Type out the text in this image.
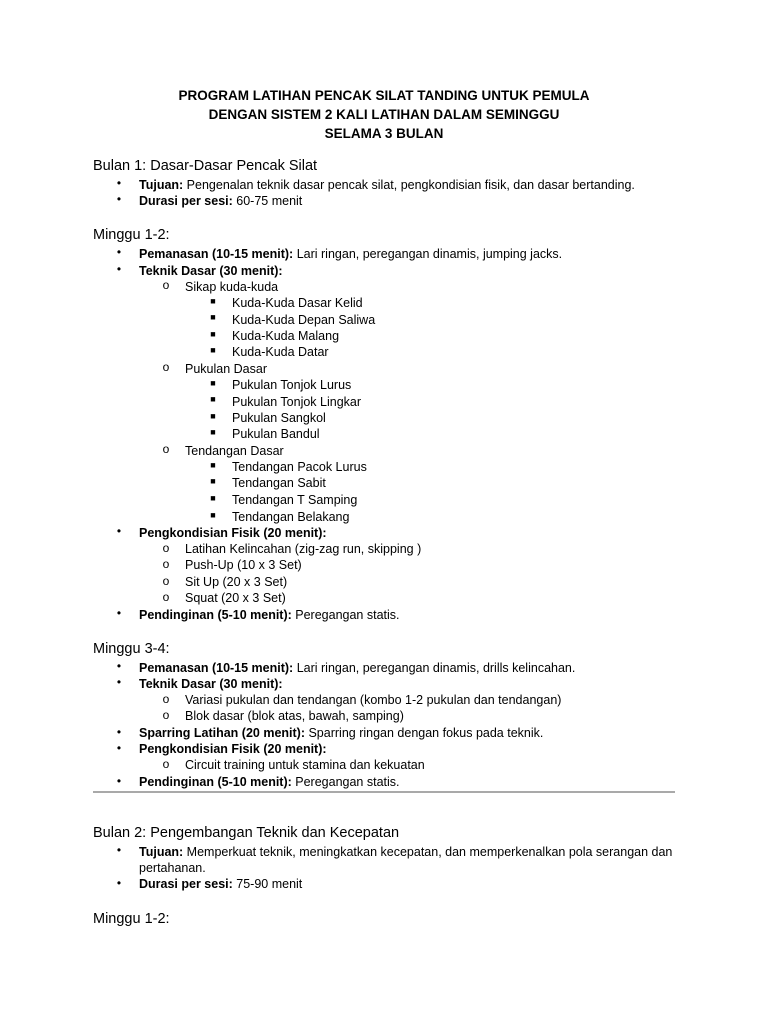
PROGRAM LATIHAN PENCAK SILAT TANDING UNTUK PEMULA
DENGAN SISTEM 2 KALI LATIHAN DALAM SEMINGGU
SELAMA 3 BULAN
Bulan 1: Dasar-Dasar Pencak Silat
•	Tujuan: Pengenalan teknik dasar pencak silat, pengkondisian fisik, dan dasar bertanding.
•	Durasi per sesi: 60-75 menit
Minggu 1-2:
•	Pemanasan (10-15 menit): Lari ringan, peregangan dinamis, jumping jacks.
•	Teknik Dasar (30 menit):
o Sikap kuda-kuda
■ Kuda-Kuda Dasar Kelid
■ Kuda-Kuda Depan Saliwa
■ Kuda-Kuda Malang
■ Kuda-Kuda Datar
o Pukulan Dasar
■ Pukulan Tonjok Lurus
■ Pukulan Tonjok Lingkar
■ Pukulan Sangkol
■ Pukulan Bandul
o Tendangan Dasar
■ Tendangan Pacok Lurus
■ Tendangan Sabit
■ Tendangan T Samping
■ Tendangan Belakang
•	Pengkondisian Fisik (20 menit):
o Latihan Kelincahan (zig-zag run, skipping )
o Push-Up (10 x 3 Set)
o Sit Up (20 x 3 Set)
o Squat (20 x 3 Set)
•	Pendinginan (5-10 menit): Peregangan statis.
Minggu 3-4:
•	Pemanasan (10-15 menit): Lari ringan, peregangan dinamis, drills kelincahan.
•	Teknik Dasar (30 menit):
o Variasi pukulan dan tendangan (kombo 1-2 pukulan dan tendangan)
o Blok dasar (blok atas, bawah, samping)
•	Sparring Latihan (20 menit): Sparring ringan dengan fokus pada teknik.
•	Pengkondisian Fisik (20 menit):
o Circuit training untuk stamina dan kekuatan
•	Pendinginan (5-10 menit): Peregangan statis.
Bulan 2: Pengembangan Teknik dan Kecepatan
•	Tujuan: Memperkuat teknik, meningkatkan kecepatan, dan memperkenalkan pola serangan dan pertahanan.
•	Durasi per sesi: 75-90 menit
Minggu 1-2:
